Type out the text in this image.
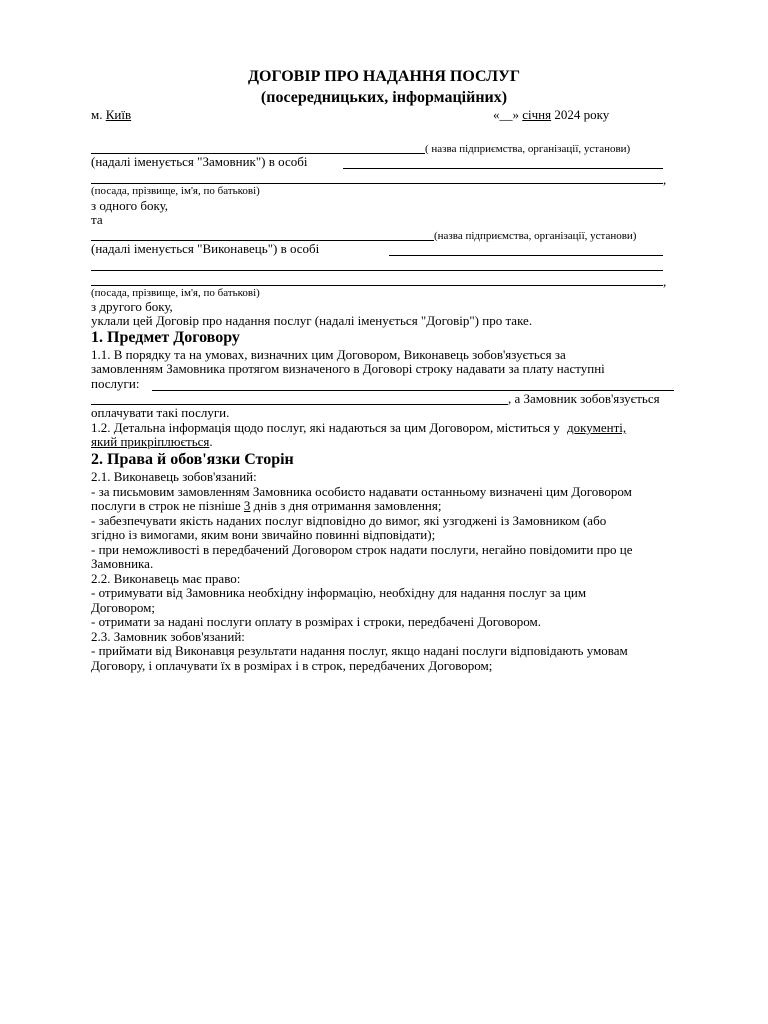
ДОГОВІР ПРО НАДАННЯ ПОСЛУГ
(посередницьких, інформаційних)
м. Київ	«__» січня 2024 року
( назва підприємства, організації, установи)
(надалі іменується "Замовник") в особі
,
(посада, прізвище, ім'я, по батькові)
з одного боку,
та
(назва підприємства, організації, установи)
(надалі іменується "Виконавець") в особі
,
(посада, прізвище, ім'я, по батькові)
з другого боку,
уклали цей Договір про надання послуг (надалі іменується "Договір") про таке.
1. Предмет Договору
1.1. В порядку та на умовах, визначних цим Договором, Виконавець зобов'язується за
замовленням Замовника протягом визначеного в Договорі строку надавати за плату наступні
послуги:
, а Замовник зобов'язується
оплачувати такі послуги.
1.2. Детальна інформація щодо послуг, які надаються за цим Договором, міститься у документі,
який прикріплюється.
2. Права й обов'язки Сторін
2.1. Виконавець зобов'язаний:
- за письмовим замовленням Замовника особисто надавати останньому визначені цим Договором
послуги в строк не пізніше 3 днів з дня отримання замовлення;
- забезпечувати якість наданих послуг відповідно до вимог, які узгоджені із Замовником (або
згідно із вимогами, яким вони звичайно повинні відповідати);
- при неможливості в передбачений Договором строк надати послуги, негайно повідомити про це
Замовника.
2.2. Виконавець має право:
- отримувати від Замовника необхідну інформацію, необхідну для надання послуг за цим
Договором;
- отримати за надані послуги оплату в розмірах і строки, передбачені Договором.
2.3. Замовник зобов'язаний:
- приймати від Виконавця результати надання послуг, якщо надані послуги відповідають умовам
Договору, і оплачувати їх в розмірах і в строк, передбачених Договором;
